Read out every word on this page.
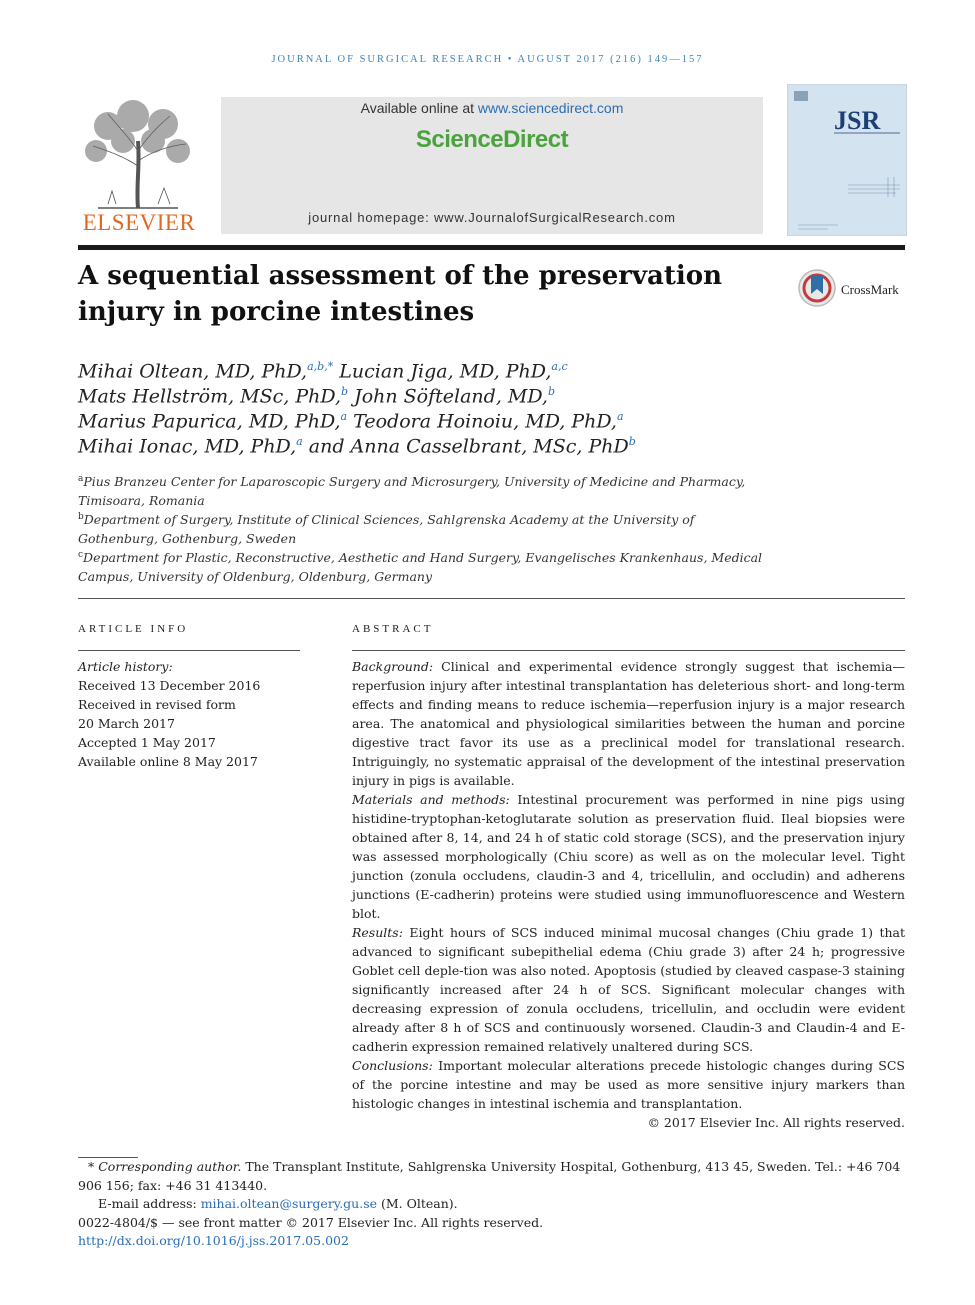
JOURNAL OF SURGICAL RESEARCH • AUGUST 2017 (216) 149—157
ELSEVIER
Available online at www.sciencedirect.com
ScienceDirect
journal homepage: www.JournalofSurgicalResearch.com
JSR
A sequential assessment of the preservation
injury in porcine intestines
CrossMark
Mihai Oltean, MD, PhD,$^{a,b,*}$ Lucian Jiga, MD, PhD,$^{a,c}$
Mats Hellström, MSc, PhD,$^b$ John Söfteland, MD,$^b$
Marius Papurica, MD, PhD,$^a$ Teodora Hoinoiu, MD, PhD,$^a$
Mihai Ionac, MD, PhD,$^a$ and Anna Casselbrant, MSc, PhD$^b$
$^a$Pius Branzeu Center for Laparoscopic Surgery and Microsurgery, University of Medicine and Pharmacy, Timisoara, Romania
$^b$Department of Surgery, Institute of Clinical Sciences, Sahlgrenska Academy at the University of Gothenburg, Gothenburg, Sweden
$^c$Department for Plastic, Reconstructive, Aesthetic and Hand Surgery, Evangelisches Krankenhaus, Medical Campus, University of Oldenburg, Oldenburg, Germany
ARTICLE INFO
Article history:
Received 13 December 2016
Received in revised form
20 March 2017
Accepted 1 May 2017
Available online 8 May 2017
ABSTRACT

Background: Clinical and experimental evidence strongly suggest that ischemia—reperfusion injury after intestinal transplantation has deleterious short- and long-term effects and finding means to reduce ischemia—reperfusion injury is a major research area. The anatomical and physiological similarities between the human and porcine digestive tract favor its use as a preclinical model for translational research. Intriguingly, no systematic appraisal of the development of the intestinal preservation injury in pigs is available.

Materials and methods: Intestinal procurement was performed in nine pigs using histidine-tryptophan-ketoglutarate solution as preservation fluid. Ileal biopsies were obtained after 8, 14, and 24 h of static cold storage (SCS), and the preservation injury was assessed morphologically (Chiu score) as well as on the molecular level. Tight junction (zonula occludens, claudin-3 and 4, tricellulin, and occludin) and adherens junctions (E-cadherin) proteins were studied using immunofluorescence and Western blot.

Results: Eight hours of SCS induced minimal mucosal changes (Chiu grade 1) that advanced to significant subepithelial edema (Chiu grade 3) after 24 h; progressive Goblet cell deple-tion was also noted. Apoptosis (studied by cleaved caspase-3 staining significantly increased after 24 h of SCS. Significant molecular changes with decreasing expression of zonula occludens, tricellulin, and occludin were evident already after 8 h of SCS and continuously worsened. Claudin-3 and Claudin-4 and E-cadherin expression remained relatively unaltered during SCS.

Conclusions: Important molecular alterations precede histologic changes during SCS of the porcine intestine and may be used as more sensitive injury markers than histologic changes in intestinal ischemia and transplantation.

© 2017 Elsevier Inc. All rights reserved.

* Corresponding author. The Transplant Institute, Sahlgrenska University Hospital, Gothenburg, 413 45, Sweden. Tel.: +46 704 906 156; fax: +46 31 413440.

E-mail address: mihai.oltean@surgery.gu.se (M. Oltean).

0022-4804/$ — see front matter © 2017 Elsevier Inc. All rights reserved.

http://dx.doi.org/10.1016/j.jss.2017.05.002
